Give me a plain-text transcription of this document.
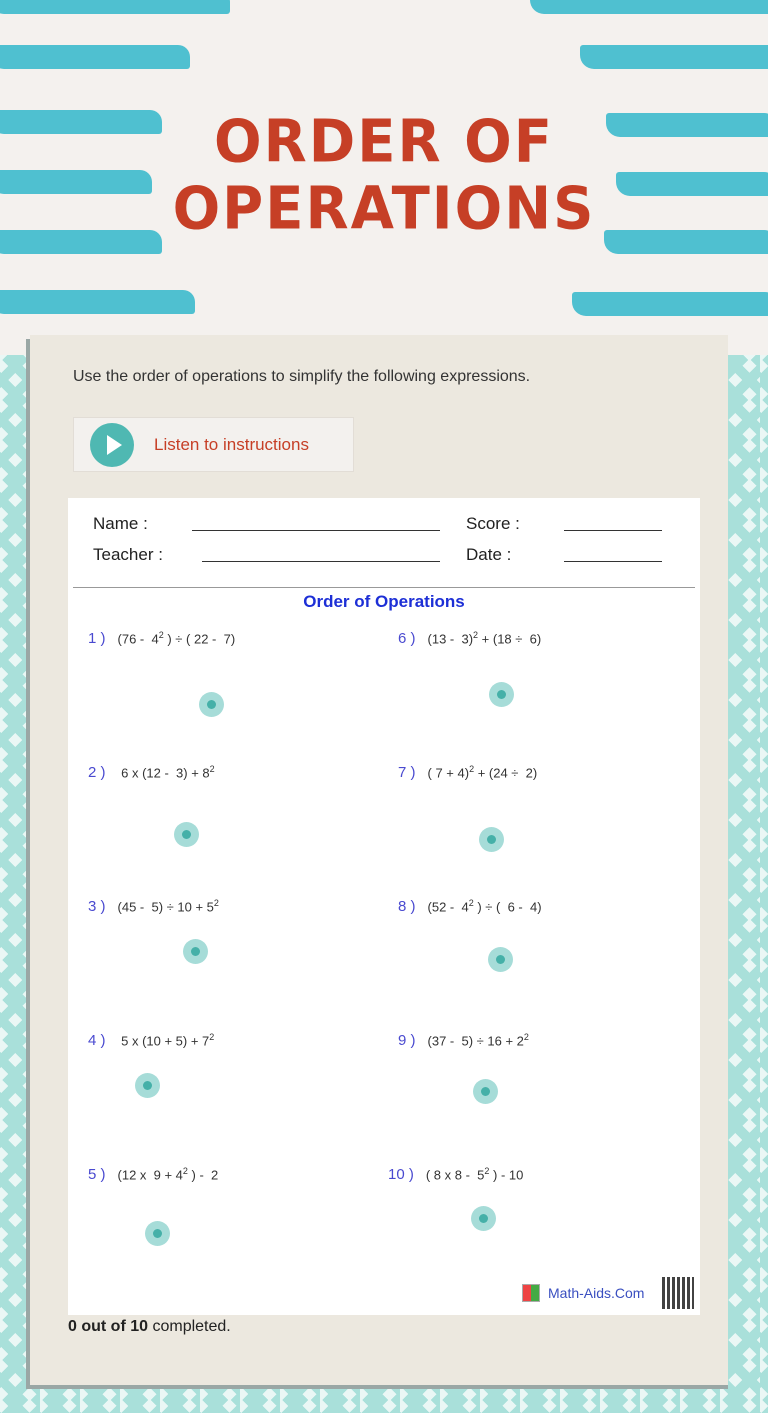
ORDER OF
OPERATIONS
Use the order of operations to simplify the following expressions.
Listen to instructions
Name :
Teacher :
Score :
Date :
Order of Operations
1 ) ($76 - 4^2$ ) ÷ ( 22 -  7)
2 ) 6 x $(12 - 3) + 8^2$
3 ) $(45 - 5) \div 10 + 5^2$
4 ) 5 x $(10 + 5) + 7^2$
5 ) (12 x  $9 + 4^2$ ) -  2
6 ) (13 -  3)$^2$ + (18 ÷  6)
7 ) ( 7 + 4)$^2$ + (24 ÷  2)
8 ) ($52 - 4^2$ ) ÷ (  6 -  4)
9 ) $(37 - 5) \div 16 + 2^2$
10 ) ( 8 x $8 - 5^2$ ) - 10
Math-Aids.Com
0 out of 10 completed.
